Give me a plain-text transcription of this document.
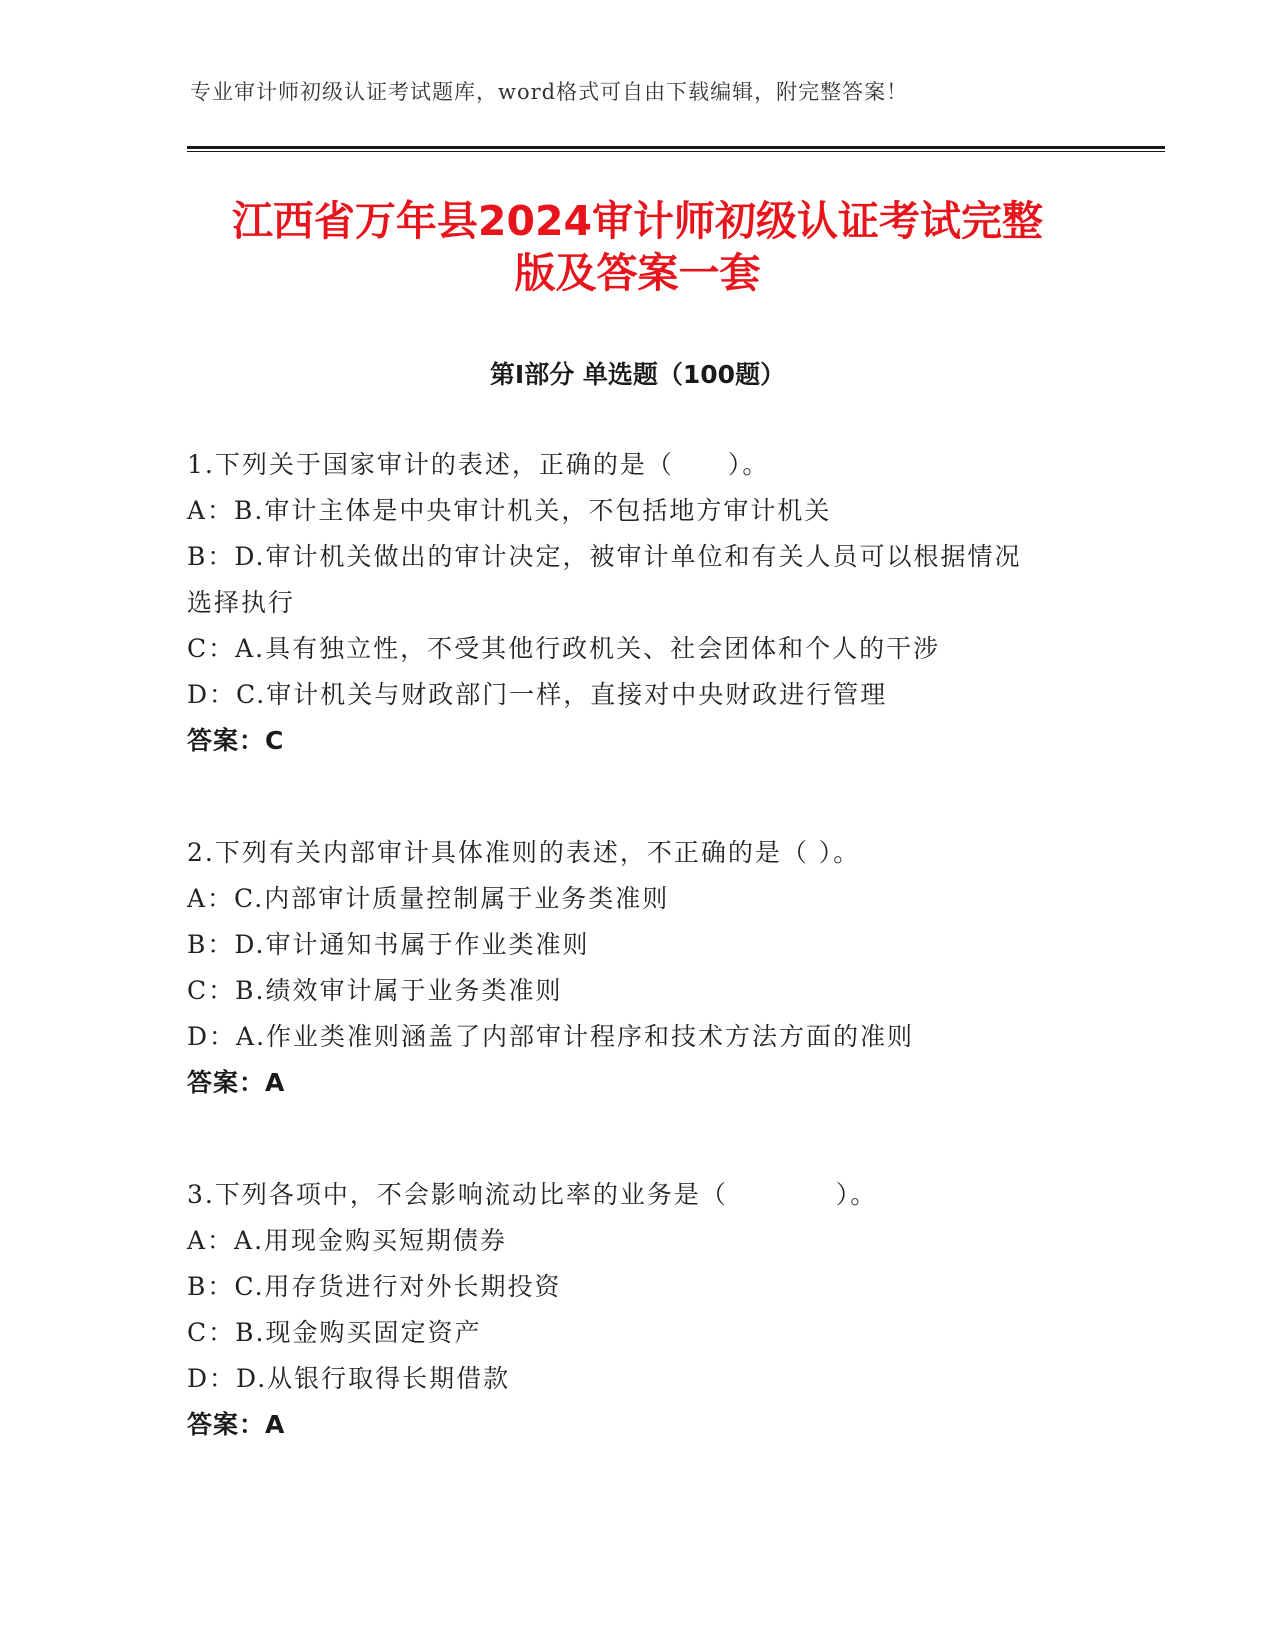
专业审计师初级认证考试题库，word格式可自由下载编辑，附完整答案！
江西省万年县2024审计师初级认证考试完整
版及答案一套
第Ⅰ部分 单选题（100题）
1.下列关于国家审计的表述，正确的是（　　）。
A：B.审计主体是中央审计机关，不包括地方审计机关
B：D.审计机关做出的审计决定，被审计单位和有关人员可以根据情况
选择执行
C：A.具有独立性，不受其他行政机关、社会团体和个人的干涉
D：C.审计机关与财政部门一样，直接对中央财政进行管理
答案：C
2.下列有关内部审计具体准则的表述，不正确的是（ ）。
A：C.内部审计质量控制属于业务类准则
B：D.审计通知书属于作业类准则
C：B.绩效审计属于业务类准则
D：A.作业类准则涵盖了内部审计程序和技术方法方面的准则
答案：A
3.下列各项中，不会影响流动比率的业务是（　　　　）。
A：A.用现金购买短期债券
B：C.用存货进行对外长期投资
C：B.现金购买固定资产
D：D.从银行取得长期借款
答案：A
